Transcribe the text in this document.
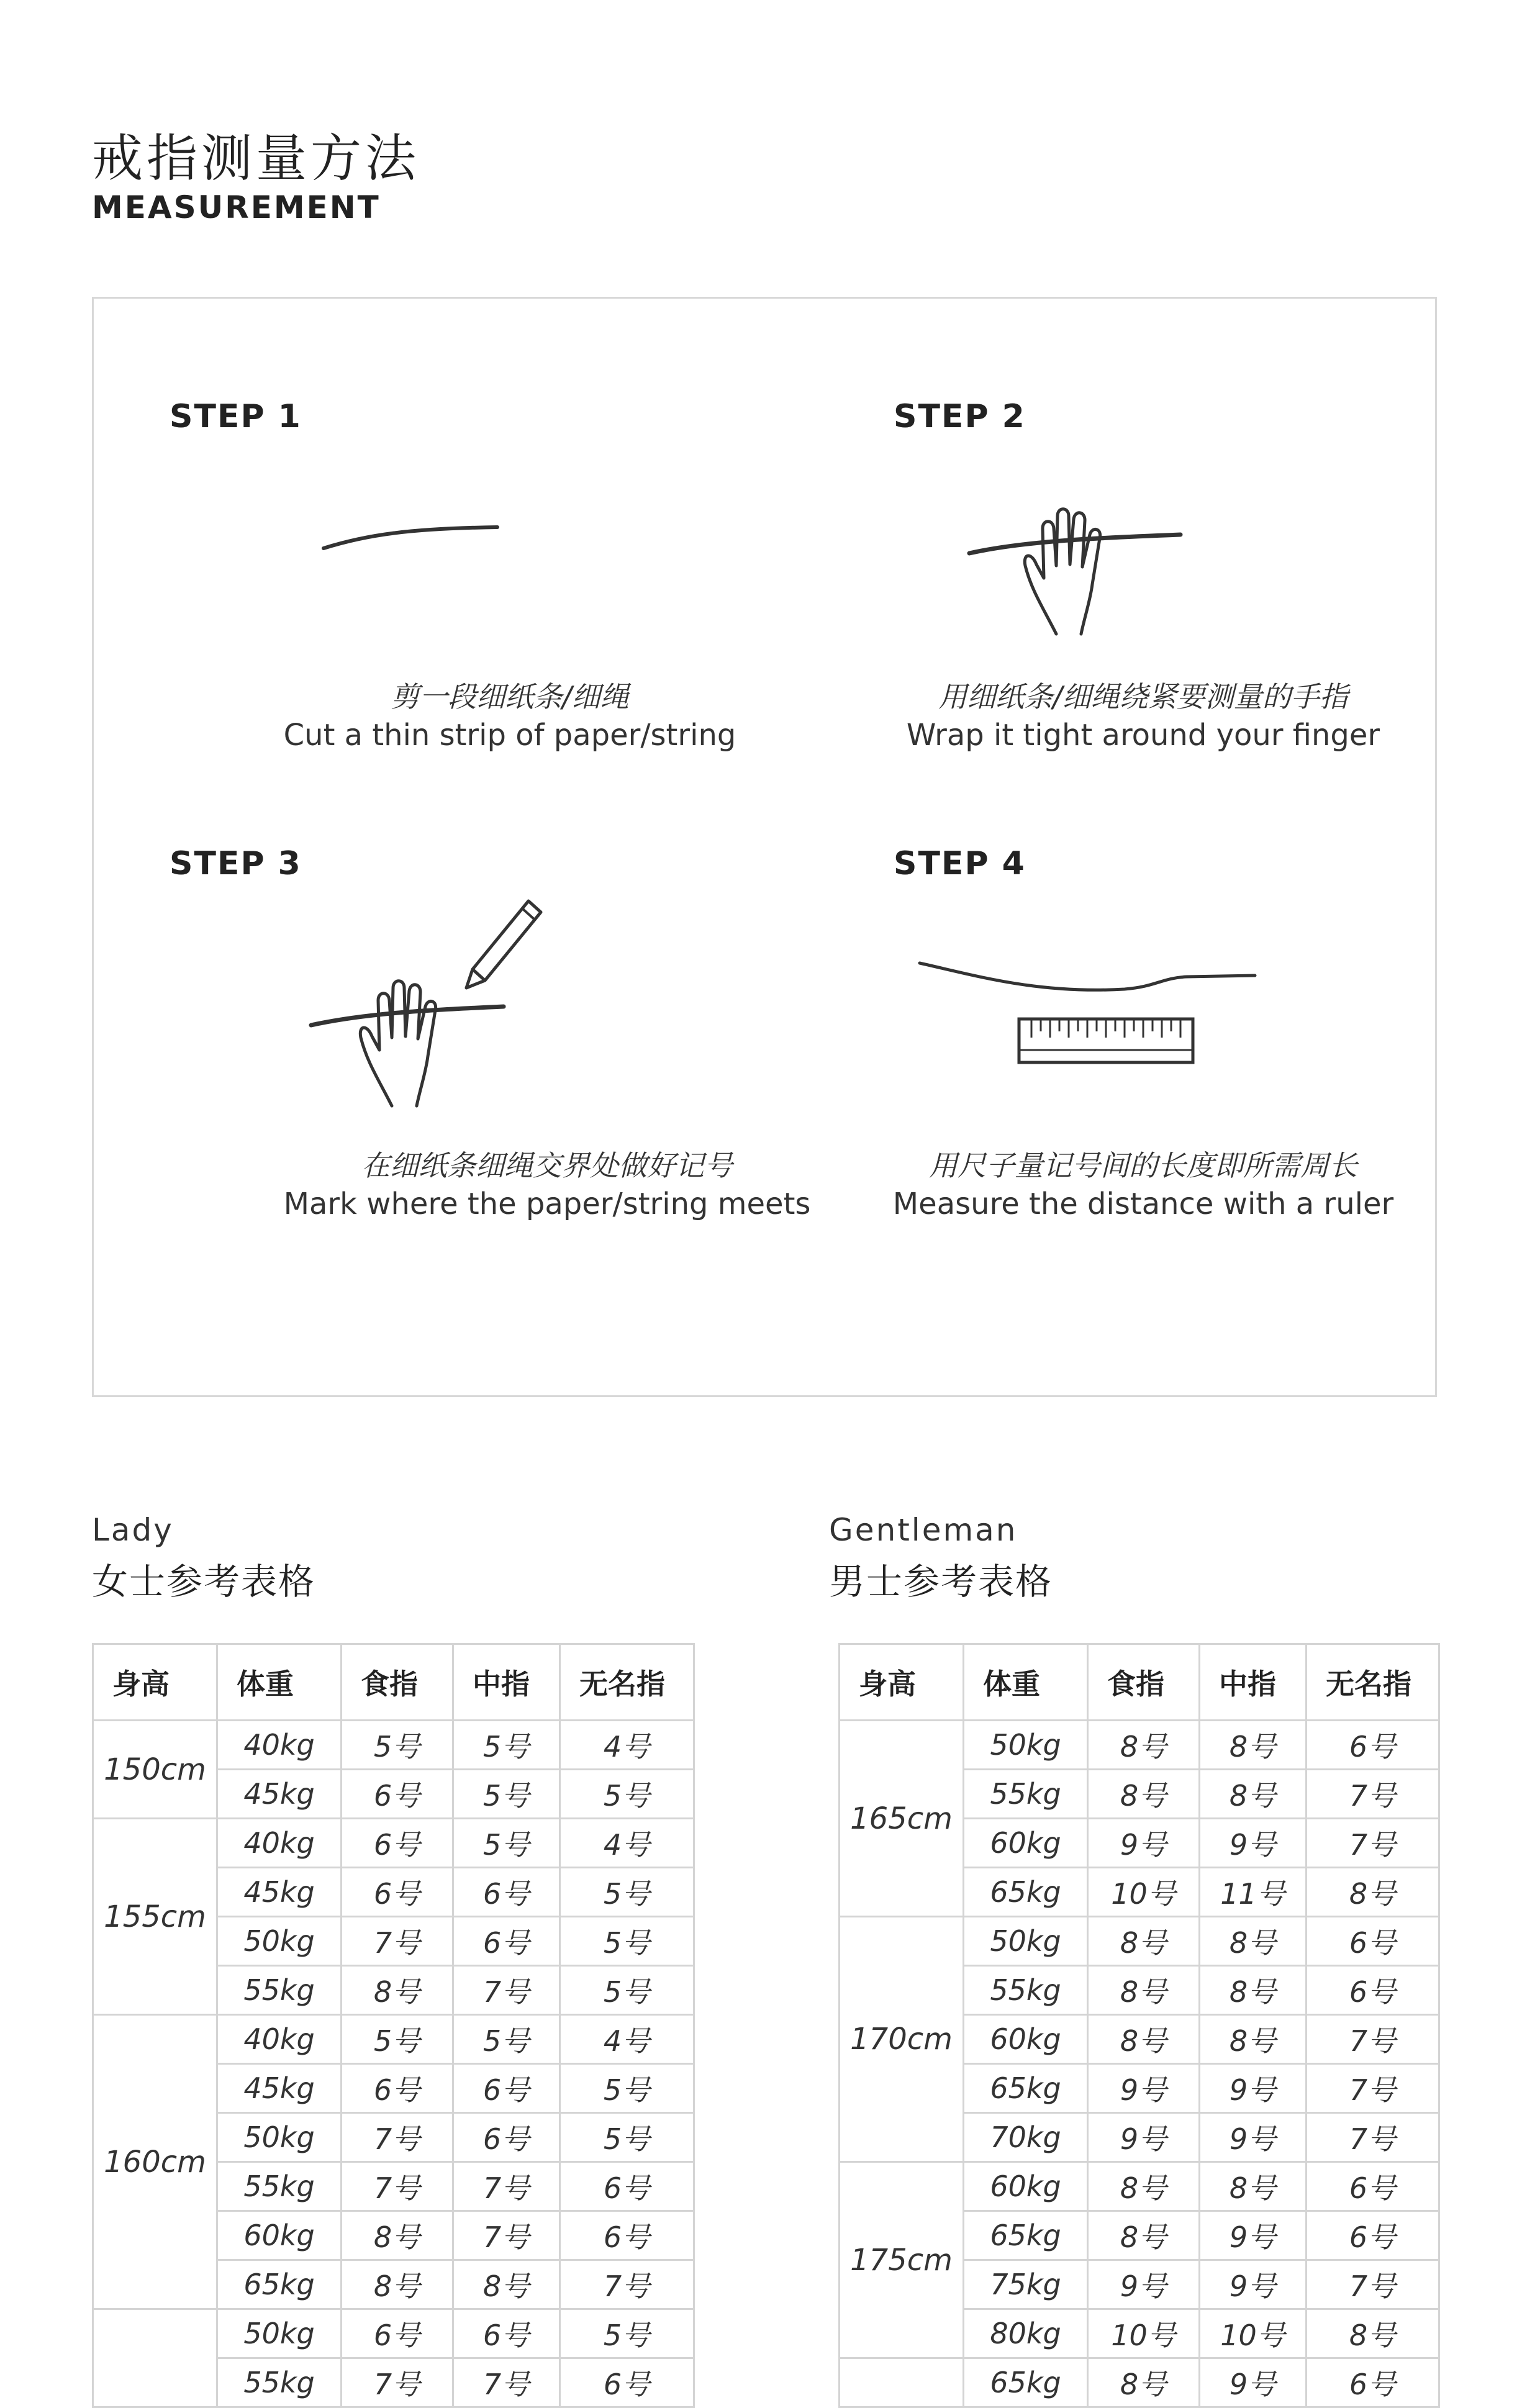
戒指测量方法
MEASUREMENT
STEP 1
剪一段细纸条/细绳
Cut a thin strip of paper/string
STEP 2
用细纸条/细绳绕紧要测量的手指
Wrap it tight around your finger
STEP 3
在细纸条细绳交界处做好记号
Mark where the paper/string meets
STEP 4
用尺子量记号间的长度即所需周长
Measure the distance with a ruler
Lady
女士参考表格
Gentleman
男士参考表格
身高	体重	食指	中指	无名指
150cm	40kg	5号	5号	4号
	45kg	6号	5号	5号
155cm	40kg	6号	5号	4号
	45kg	6号	6号	5号
	50kg	7号	6号	5号
	55kg	8号	7号	5号
160cm	40kg	5号	5号	4号
	45kg	6号	6号	5号
	50kg	7号	6号	5号
	55kg	7号	7号	6号
	60kg	8号	7号	6号
	65kg	8号	8号	7号
	50kg	6号	6号	5号
	55kg	7号	7号	6号
身高	体重	食指	中指	无名指
165cm	50kg	8号	8号	6号
	55kg	8号	8号	7号
	60kg	9号	9号	7号
	65kg	10号	11号	8号
170cm	50kg	8号	8号	6号
	55kg	8号	8号	6号
	60kg	8号	8号	7号
	65kg	9号	9号	7号
	70kg	9号	9号	7号
175cm	60kg	8号	8号	6号
	65kg	8号	9号	6号
	75kg	9号	9号	7号
	80kg	10号	10号	8号
	65kg	8号	9号	6号
